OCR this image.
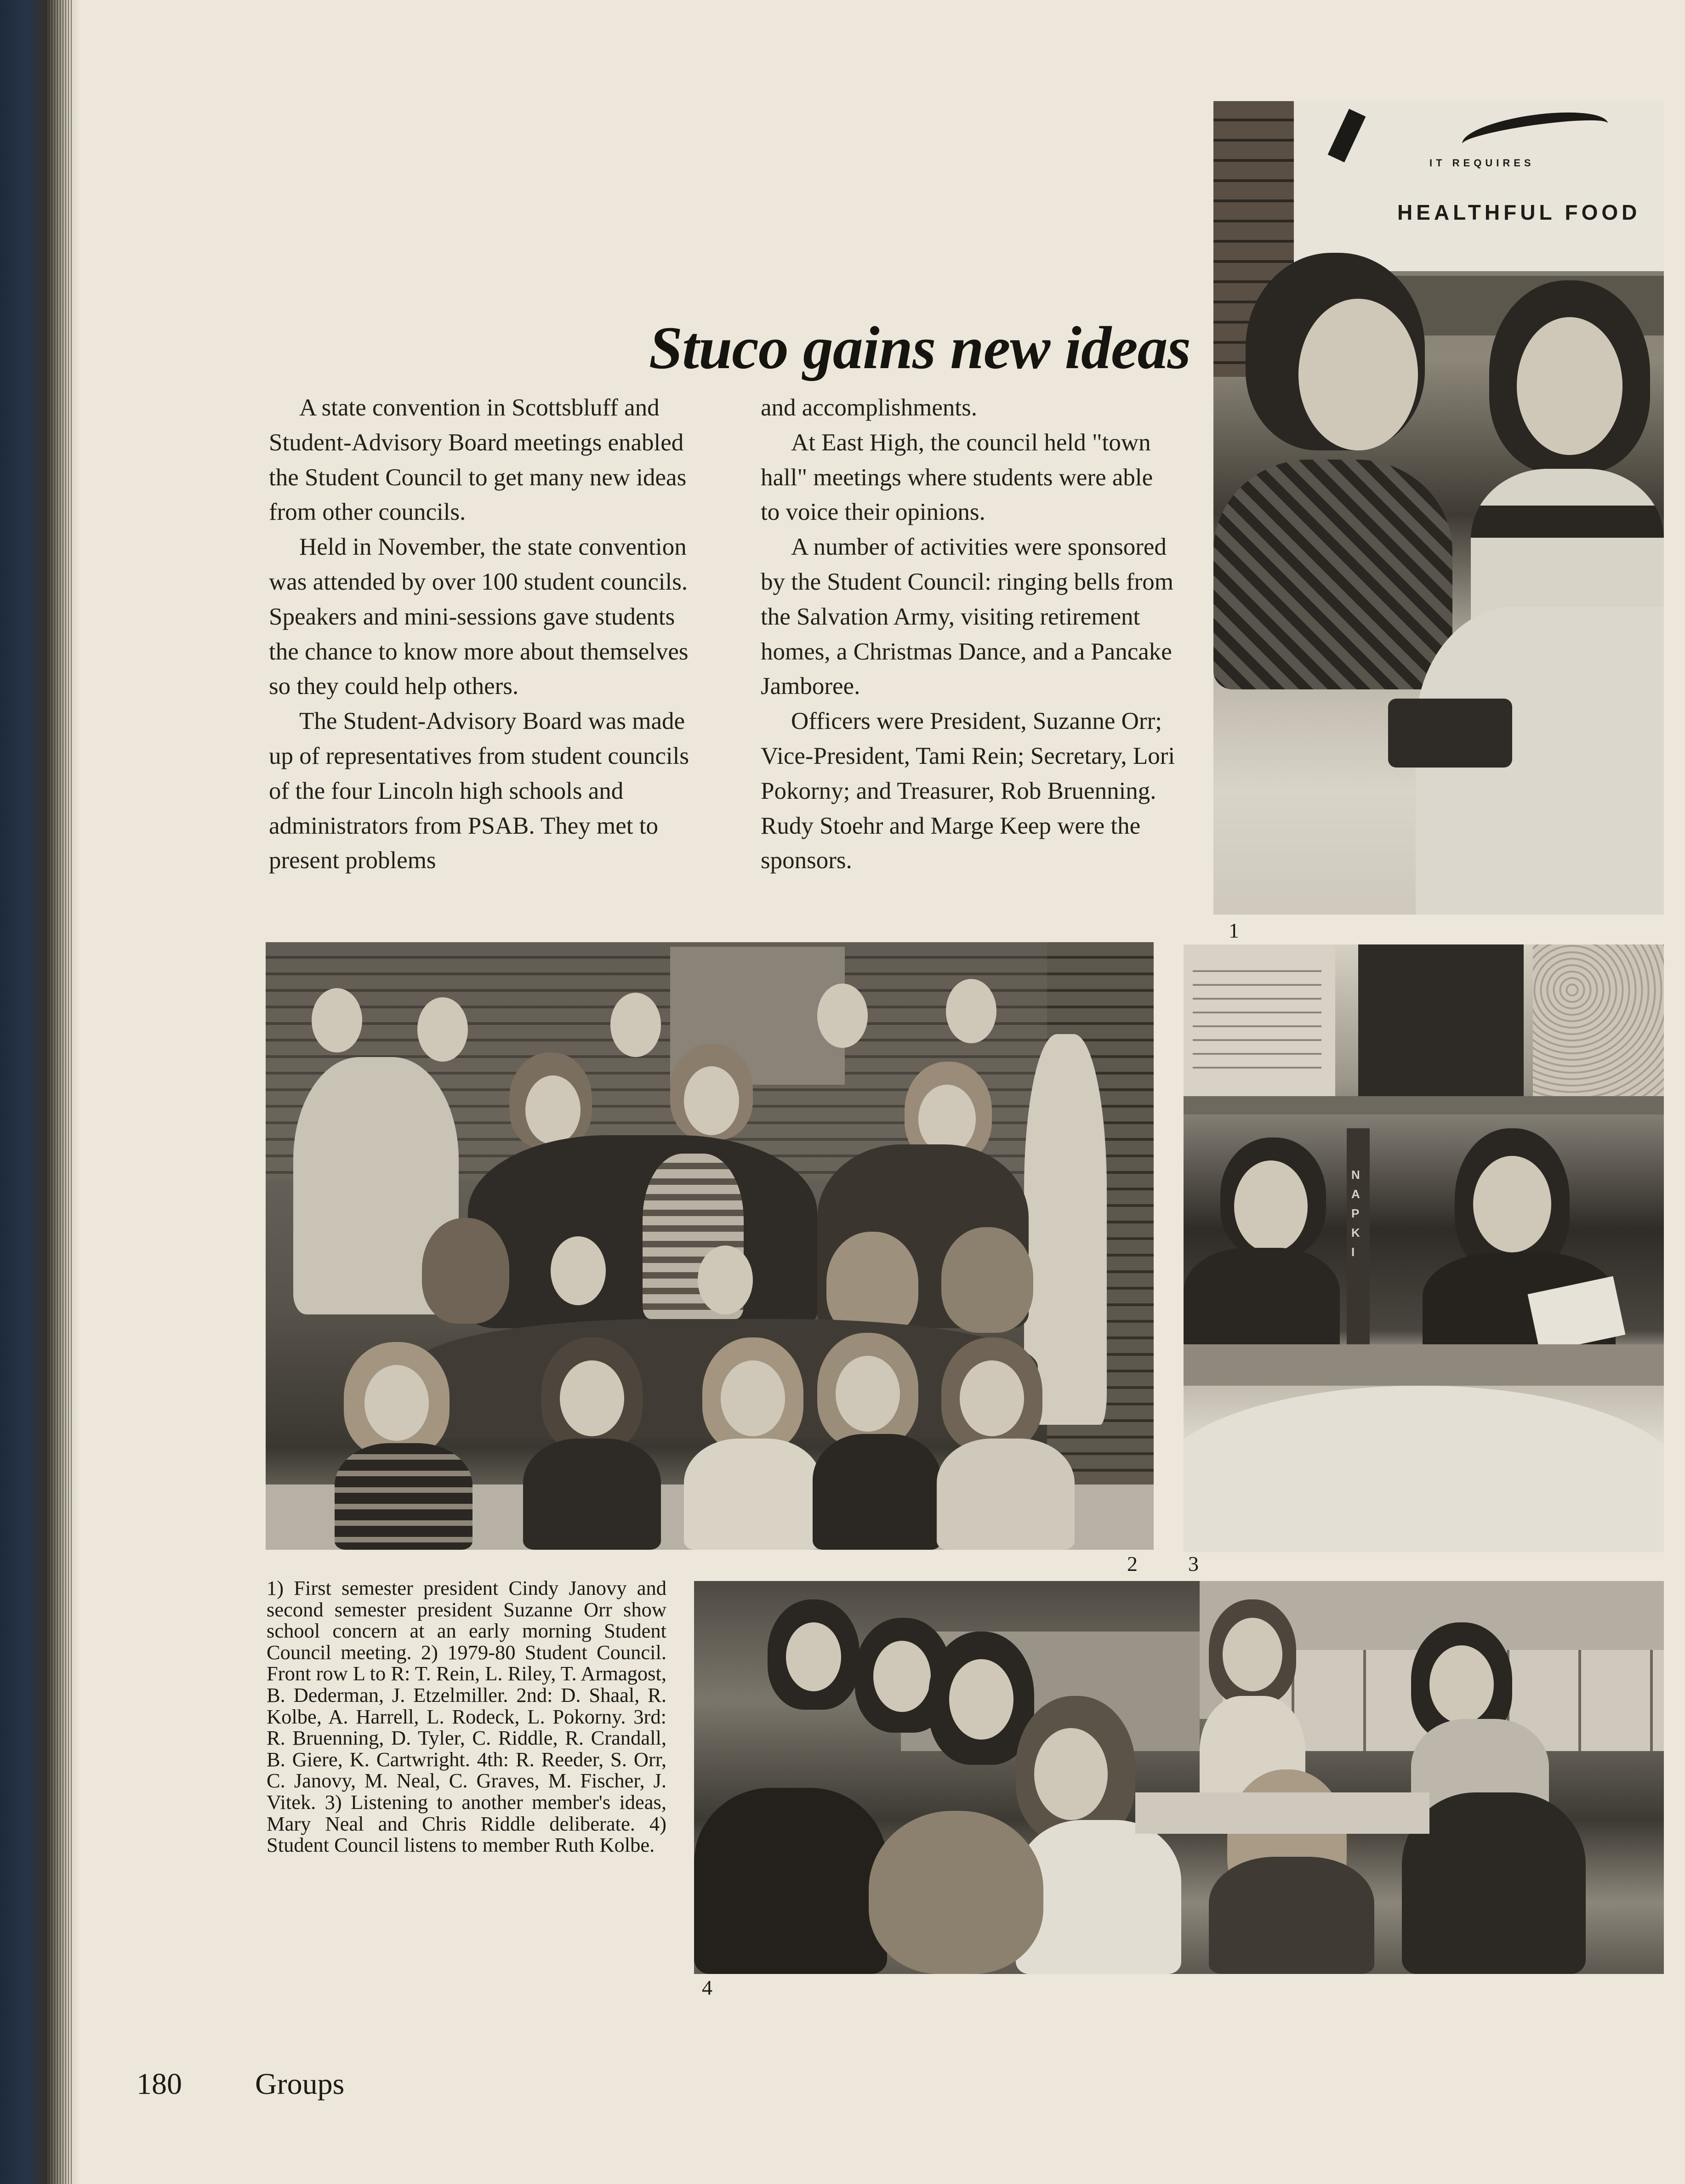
IT REQUIRES
HEALTHFUL FOOD
1
Stuco gains new ideas

A state convention in Scottsbluff and Student-Advisory Board meetings enabled the Student Council to get many new ideas from other councils.

Held in November, the state convention was attended by over 100 student councils. Speakers and mini-sessions gave students the chance to know more about themselves so they could help others.

The Student-Advisory Board was made up of representatives from student councils of the four Lincoln high schools and administrators from PSAB. They met to present problems

and accomplishments.

At East High, the council held "town hall" meetings where students were able to voice their opinions.

A number of activities were sponsored by the Student Council: ringing bells from the Salvation Army, visiting retirement homes, a Christmas Dance, and a Pancake Jamboree.

Officers were President, Suzanne Orr; Vice-President, Tami Rein; Secretary, Lori Pokorny; and Treasurer, Rob Bruenning. Rudy Stoehr and Marge Keep were the sponsors.

2
NAPKI
3
4
1) First semester president Cindy Janovy and second semester president Suzanne Orr show school concern at an early morning Student Council meeting. 2) 1979-80 Student Council. Front row L to R: T. Rein, L. Riley, T. Armagost, B. Dederman, J. Etzelmiller. 2nd: D. Shaal, R. Kolbe, A. Harrell, L. Rodeck, L. Pokorny. 3rd: R. Bruenning, D. Tyler, C. Riddle, R. Crandall, B. Giere, K. Cartwright. 4th: R. Reeder, S. Orr, C. Janovy, M. Neal, C. Graves, M. Fischer, J. Vitek. 3) Listening to another member's ideas, Mary Neal and Chris Riddle deliberate. 4) Student Council listens to member Ruth Kolbe.
180 Groups
